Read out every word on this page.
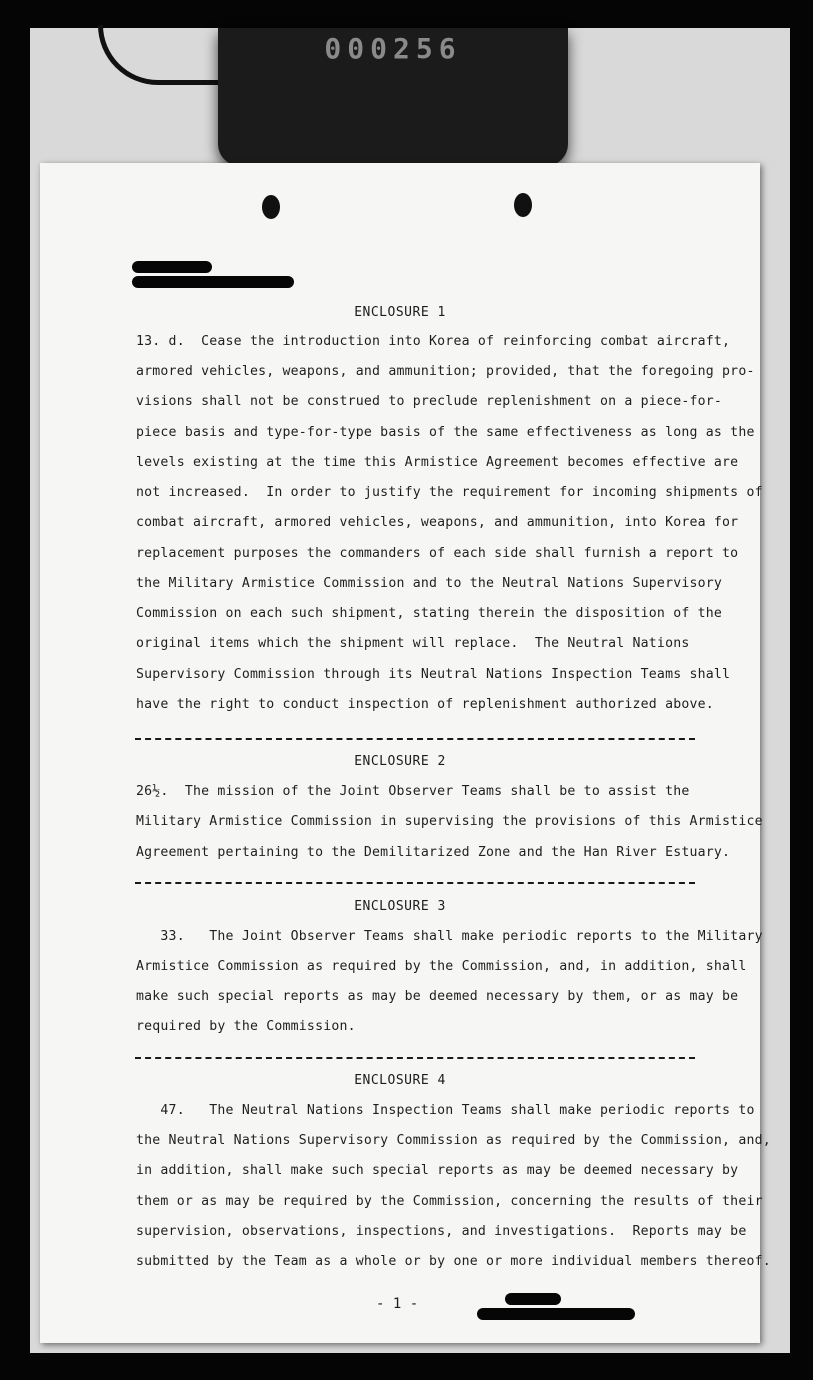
000256
ENCLOSURE 1
13. d.  Cease the introduction into Korea of reinforcing combat aircraft,
armored vehicles, weapons, and ammunition; provided, that the foregoing pro-
visions shall not be construed to preclude replenishment on a piece-for-
piece basis and type-for-type basis of the same effectiveness as long as the
levels existing at the time this Armistice Agreement becomes effective are
not increased.  In order to justify the requirement for incoming shipments of
combat aircraft, armored vehicles, weapons, and ammunition, into Korea for
replacement purposes the commanders of each side shall furnish a report to
the Military Armistice Commission and to the Neutral Nations Supervisory
Commission on each such shipment, stating therein the disposition of the
original items which the shipment will replace.  The Neutral Nations
Supervisory Commission through its Neutral Nations Inspection Teams shall
have the right to conduct inspection of replenishment authorized above.
ENCLOSURE 2
26½.  The mission of the Joint Observer Teams shall be to assist the
Military Armistice Commission in supervising the provisions of this Armistice
Agreement pertaining to the Demilitarized Zone and the Han River Estuary.
ENCLOSURE 3
33.   The Joint Observer Teams shall make periodic reports to the Military
Armistice Commission as required by the Commission, and, in addition, shall
make such special reports as may be deemed necessary by them, or as may be
required by the Commission.
ENCLOSURE 4
47.   The Neutral Nations Inspection Teams shall make periodic reports to
the Neutral Nations Supervisory Commission as required by the Commission, and,
in addition, shall make such special reports as may be deemed necessary by
them or as may be required by the Commission, concerning the results of their
supervision, observations, inspections, and investigations.  Reports may be
submitted by the Team as a whole or by one or more individual members thereof.
- 1 -
